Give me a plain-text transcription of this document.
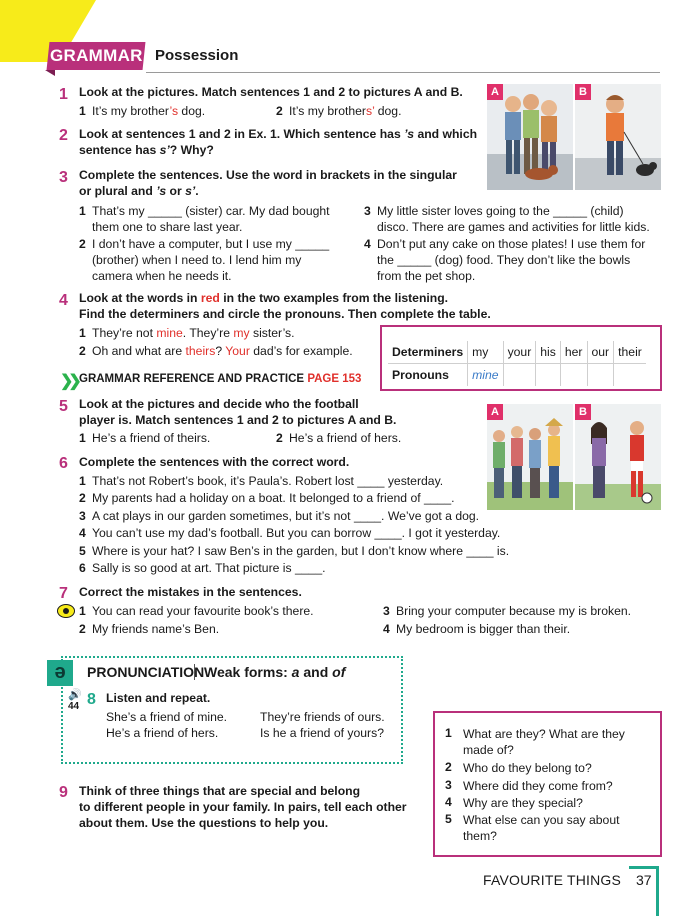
GRAMMAR Possession
1 Look at the pictures. Match sentences 1 and 2 to pictures A and B.
1 It’s my brother’s dog.	2 It’s my brothers’ dog.
A	B
2 Look at sentences 1 and 2 in Ex. 1. Which sentence has ’s and which
sentence has s’? Why?
3 Complete the sentences. Use the word in brackets in the singular
or plural and ’s or s’.
1 That’s my _____ (sister) car. My dad bought
them one to share last year.
2 I don’t have a computer, but I use my _____
(brother) when I need to. I lend him my
camera when he needs it.
3 My little sister loves going to the _____ (child)
disco. There are games and activities for little kids.
4 Don’t put any cake on those plates! I use them for
the _____ (dog) food. They don’t like the bowls
from the pet shop.
4 Look at the words in red in the two examples from the listening.
Find the determiners and circle the pronouns. Then complete the table.
1 They’re not mine. They’re my sister’s.
2 Oh and what are theirs? Your dad’s for example.	Determiners	my	your	his	her	our	their
Pronouns	mine					
❯❯ GRAMMAR REFERENCE AND PRACTICE PAGE 153
5 Look at the pictures and decide who the football
player is. Match sentences 1 and 2 to pictures A and B.
1 He’s a friend of theirs.	2 He’s a friend of hers.
A	B
6 Complete the sentences with the correct word.
1 That’s not Robert’s book, it’s Paula’s. Robert lost ____ yesterday.
2 My parents had a holiday on a boat. It belonged to a friend of ____.
3 A cat plays in our garden sometimes, but it’s not ____. We’ve got a dog.
4 You can’t use my dad’s football. But you can borrow ____. I got it yesterday.
5 Where is your hat? I saw Ben’s in the garden, but I don’t know where ____ is.
6 Sally is so good at art. That picture is ____.
7 Correct the mistakes in the sentences.
1 You can read your favourite book’s there.
2 My friends name’s Ben.
3 Bring your computer because my is broken.
4 My bedroom is bigger than their.
ə	PRONUNCIATION Weak forms: a and of
🔊
44 8 Listen and repeat.
She’s a friend of mine.
He’s a friend of hers.
They’re friends of ours.
Is he a friend of yours?
9 Think of three things that are special and belong
to different people in your family. In pairs, tell each other
about them. Use the questions to help you.
1 What are they? What are they made of?
2 Who do they belong to?
3 Where did they come from?
4 Why are they special?
5 What else can you say about them?
FAVOURITE THINGS 37
